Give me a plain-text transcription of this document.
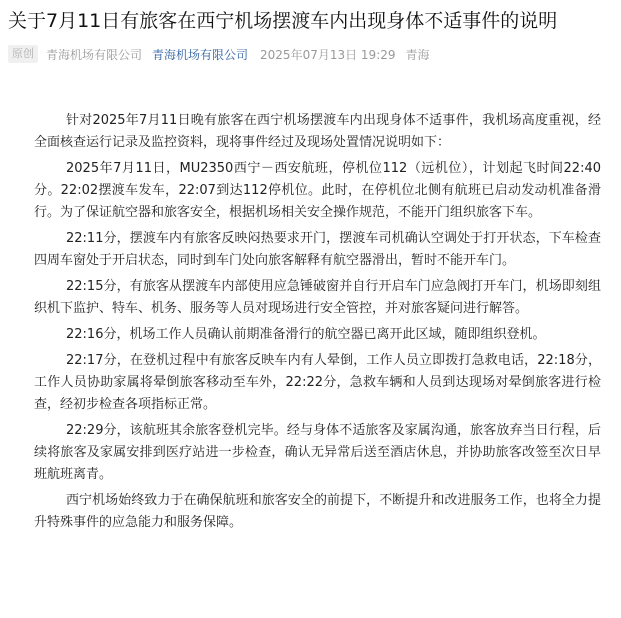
关于7月11日有旅客在西宁机场摆渡车内出现身体不适事件的说明
原创	青海机场有限公司 青海机场有限公司 2025年07月13日 19:29 青海

针对2025年7月11日晚有旅客在西宁机场摆渡车内出现身体不适事件，我机场高度重视，经全面核查运行记录及监控资料，现将事件经过及现场处置情况说明如下：

2025年7月11日，MU2350西宁－西安航班，停机位112（远机位），计划起飞时间22:40分。22:02摆渡车发车，22:07到达112停机位。此时，在停机位北侧有航班已启动发动机准备滑行。为了保证航空器和旅客安全，根据机场相关安全操作规范，不能开门组织旅客下车。

22:11分，摆渡车内有旅客反映闷热要求开门，摆渡车司机确认空调处于打开状态，下车检查四周车窗处于开启状态，同时到车门处向旅客解释有航空器滑出，暂时不能开车门。

22:15分，有旅客从摆渡车内部使用应急锤破窗并自行开启车门应急阀打开车门，机场即刻组织机下监护、特车、机务、服务等人员对现场进行安全管控，并对旅客疑问进行解答。

22:16分，机场工作人员确认前期准备滑行的航空器已离开此区域，随即组织登机。

22:17分，在登机过程中有旅客反映车内有人晕倒，工作人员立即拨打急救电话，22:18分，工作人员协助家属将晕倒旅客移动至车外，22:22分，急救车辆和人员到达现场对晕倒旅客进行检查，经初步检查各项指标正常。

22:29分，该航班其余旅客登机完毕。经与身体不适旅客及家属沟通，旅客放弃当日行程，后续将旅客及家属安排到医疗站进一步检查，确认无异常后送至酒店休息，并协助旅客改签至次日早班航班离青。

西宁机场始终致力于在确保航班和旅客安全的前提下，不断提升和改进服务工作，也将全力提升特殊事件的应急能力和服务保障。
